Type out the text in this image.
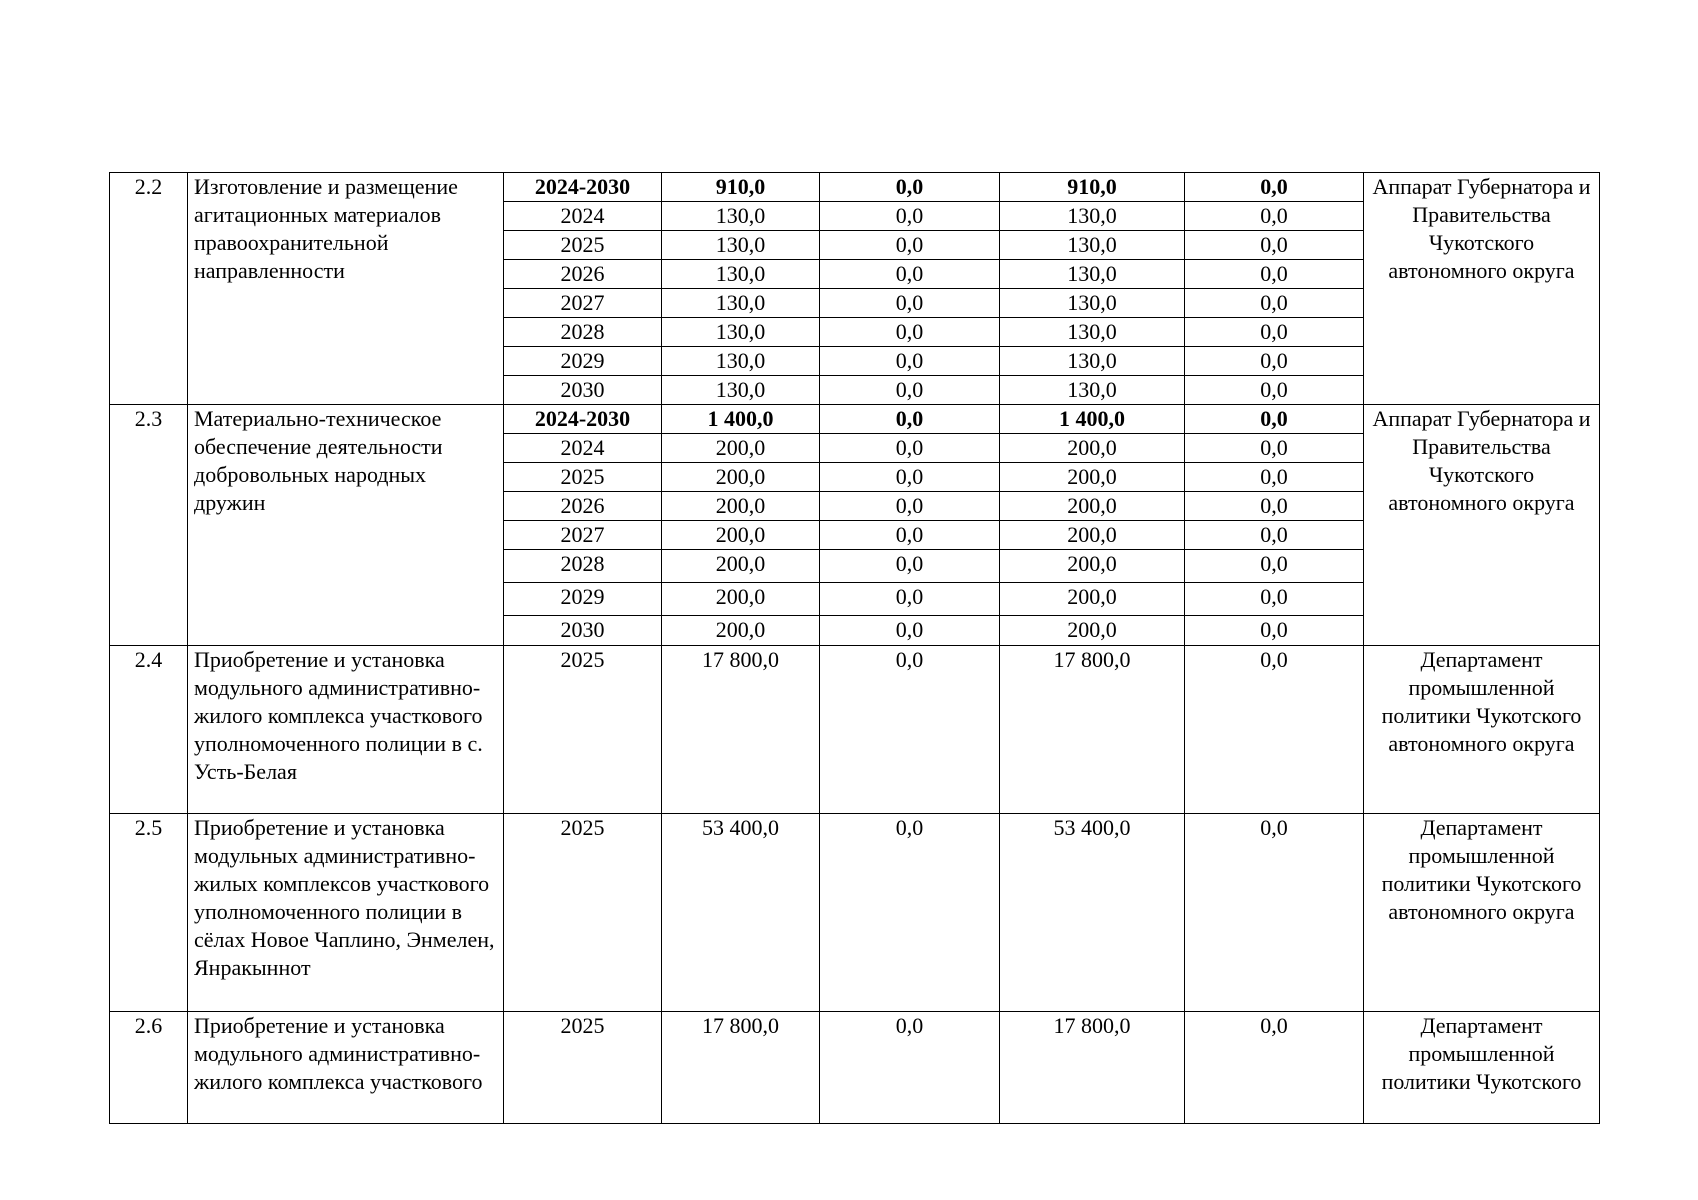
2.2	Изготовление и размещение агитационных материалов правоохранительной направленности	2024-2030	910,0	0,0	910,0	0,0	Аппарат Губернатора и Правительства Чукотского автономного округа
		2024	130,0	0,0	130,0	0,0	
		2025	130,0	0,0	130,0	0,0	
		2026	130,0	0,0	130,0	0,0	
		2027	130,0	0,0	130,0	0,0	
		2028	130,0	0,0	130,0	0,0	
		2029	130,0	0,0	130,0	0,0	
		2030	130,0	0,0	130,0	0,0	
2.3	Материально-техническое обеспечение деятельности добровольных народных дружин	2024-2030	1 400,0	0,0	1 400,0	0,0	Аппарат Губернатора и Правительства Чукотского автономного округа
		2024	200,0	0,0	200,0	0,0	
		2025	200,0	0,0	200,0	0,0	
		2026	200,0	0,0	200,0	0,0	
		2027	200,0	0,0	200,0	0,0	
		2028	200,0	0,0	200,0	0,0	
		2029	200,0	0,0	200,0	0,0	
		2030	200,0	0,0	200,0	0,0	
2.4	Приобретение и установка модульного административно-жилого комплекса участкового уполномоченного полиции в с. Усть-Белая	2025	17 800,0	0,0	17 800,0	0,0	Департамент промышленной политики Чукотского автономного округа
2.5	Приобретение и установка модульных административно-жилых комплексов участкового уполномоченного полиции в сёлах Новое Чаплино, Энмелен, Янракыннот	2025	53 400,0	0,0	53 400,0	0,0	Департамент промышленной политики Чукотского автономного округа
2.6	Приобретение и установка модульного административно-жилого комплекса участкового	2025	17 800,0	0,0	17 800,0	0,0	Департамент промышленной политики Чукотского
